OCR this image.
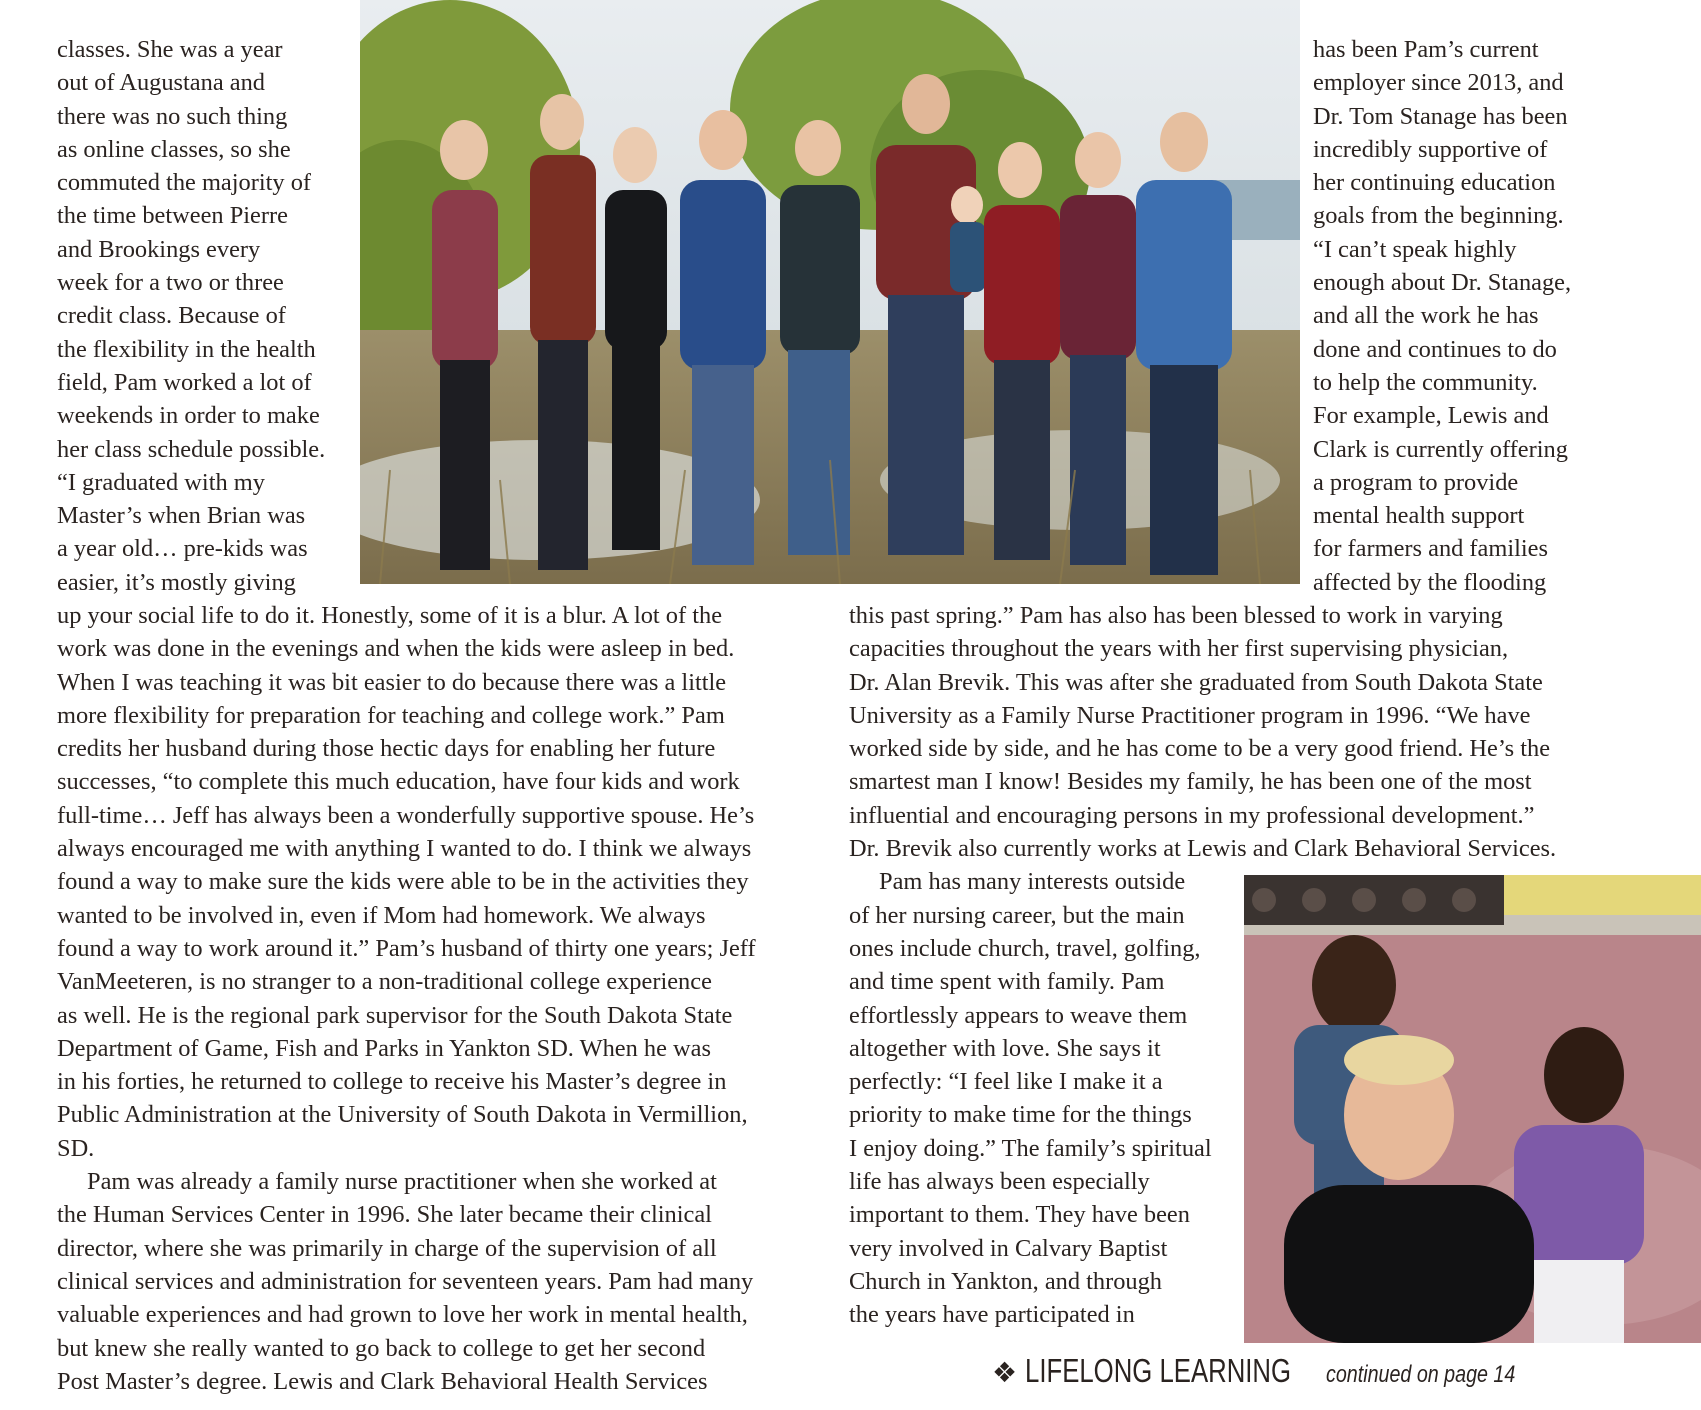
classes. She was a year
out of Augustana and
there was no such thing
as online classes, so she
commuted the majority of
the time between Pierre
and Brookings every
week for a two or three
credit class. Because of
the flexibility in the health
field, Pam worked a lot of
weekends in order to make
her class schedule possible.
“I graduated with my
Master’s when Brian was
a year old… pre-kids was
easier, it’s mostly giving
has been Pam’s current
employer since 2013, and
Dr. Tom Stanage has been
incredibly supportive of
her continuing education
goals from the beginning.
“I can’t speak highly
enough about Dr. Stanage,
and all the work he has
done and continues to do
to help the community.
For example, Lewis and
Clark is currently offering
a program to provide
mental health support
for farmers and families
affected by the flooding
up your social life to do it. Honestly, some of it is a blur. A lot of the
work was done in the evenings and when the kids were asleep in bed.
When I was teaching it was bit easier to do because there was a little
more flexibility for preparation for teaching and college work.” Pam
credits her husband during those hectic days for enabling her future
successes, “to complete this much education, have four kids and work
full-time… Jeff has always been a wonderfully supportive spouse. He’s
always encouraged me with anything I wanted to do. I think we always
found a way to make sure the kids were able to be in the activities they
wanted to be involved in, even if Mom had homework. We always
found a way to work around it.” Pam’s husband of thirty one years; Jeff
VanMeeteren, is no stranger to a non-traditional college experience
as well. He is the regional park supervisor for the South Dakota State
Department of Game, Fish and Parks in Yankton SD. When he was
in his forties, he returned to college to receive his Master’s degree in
Public Administration at the University of South Dakota in Vermillion,
SD.
Pam was already a family nurse practitioner when she worked at
the Human Services Center in 1996. She later became their clinical
director, where she was primarily in charge of the supervision of all
clinical services and administration for seventeen years. Pam had many
valuable experiences and had grown to love her work in mental health,
but knew she really wanted to go back to college to get her second
Post Master’s degree. Lewis and Clark Behavioral Health Services
this past spring.” Pam has also has been blessed to work in varying
capacities throughout the years with her first supervising physician,
Dr. Alan Brevik. This was after she graduated from South Dakota State
University as a Family Nurse Practitioner program in 1996. “We have
worked side by side, and he has come to be a very good friend. He’s the
smartest man I know! Besides my family, he has been one of the most
influential and encouraging persons in my professional development.”
Dr. Brevik also currently works at Lewis and Clark Behavioral Services.
Pam has many interests outside
of her nursing career, but the main
ones include church, travel, golfing,
and time spent with family. Pam
effortlessly appears to weave them
altogether with love. She says it
perfectly: “I feel like I make it a
priority to make time for the things
I enjoy doing.” The family’s spiritual
life has always been especially
important to them. They have been
very involved in Calvary Baptist
Church in Yankton, and through
the years have participated in
❖ LIFELONG LEARNING continued on page 14
